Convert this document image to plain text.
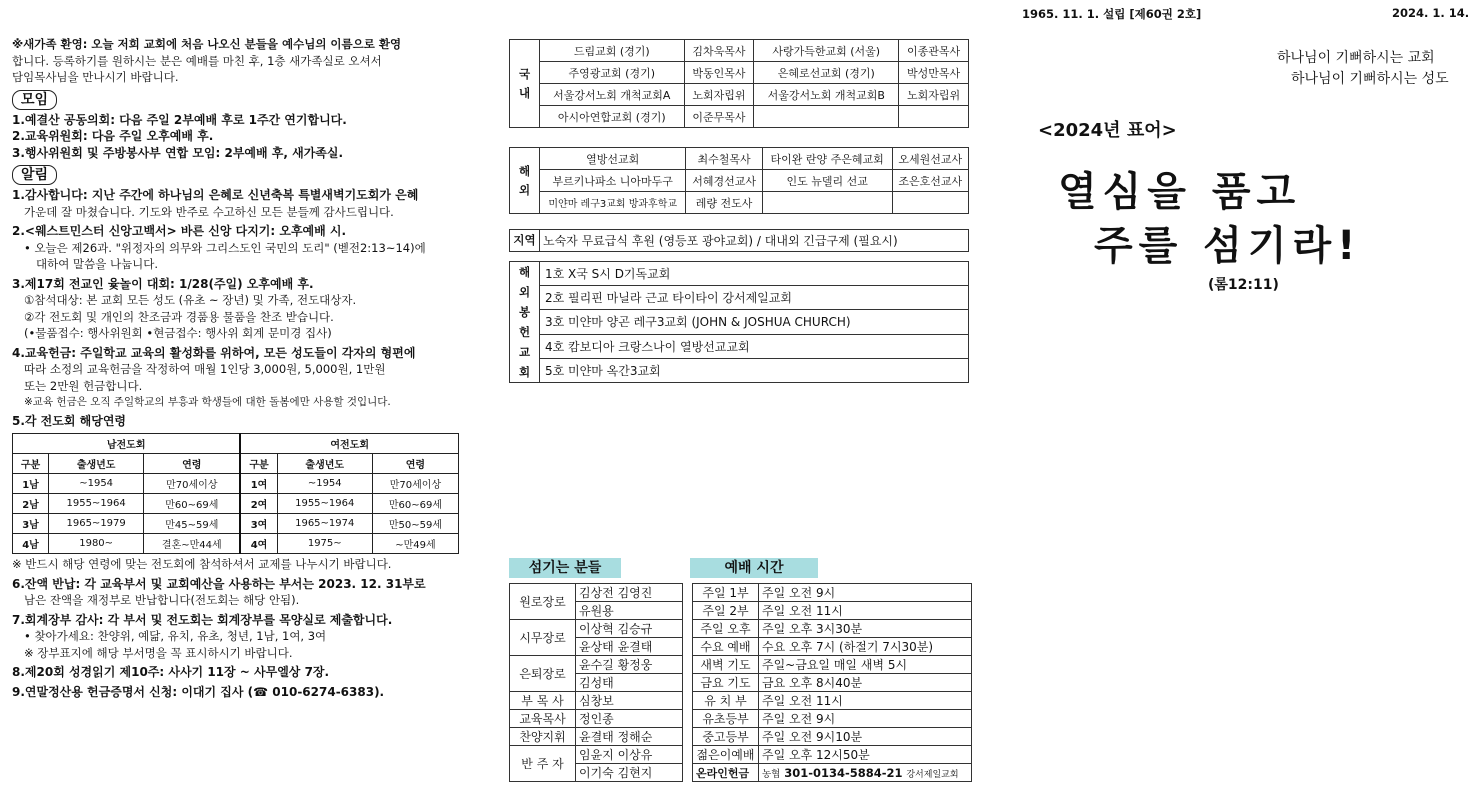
1965. 11. 1. 설립 [제60권 2호]	2024. 1. 14.

※새가족 환영: 오늘 저희 교회에 처음 나오신 분들을 예수님의 이름으로 환영

합니다. 등록하기를 원하시는 분은 예배를 마친 후, 1층 새가족실로 오셔서

담임목사님을 만나시기 바랍니다.

모임

1.예결산 공동의회: 다음 주일 2부예배 후로 1주간 연기합니다.

2.교육위원회: 다음 주일 오후예배 후.

3.행사위원회 및 주방봉사부 연합 모임: 2부예배 후, 새가족실.

알림

1.감사합니다: 지난 주간에 하나님의 은혜로 신년축복 특별새벽기도회가 은혜

가운데 잘 마쳤습니다. 기도와 반주로 수고하신 모든 분들께 감사드립니다.

2.<웨스트민스터 신앙고백서> 바른 신앙 다지기: 오후예배 시.

• 오늘은 제26과. "위정자의 의무와 그리스도인 국민의 도리" (벧전2:13~14)에

대하여 말씀을 나눕니다.

3.제17회 전교인 윷놀이 대회: 1/28(주일) 오후예배 후.

①참석대상: 본 교회 모든 성도 (유초 ~ 장년) 및 가족, 전도대상자.

②각 전도회 및 개인의 찬조금과 경품용 물품을 찬조 받습니다.

(•물품접수: 행사위원회 •현금접수: 행사위 회계 문미경 집사)

4.교육헌금: 주일학교 교육의 활성화를 위하여, 모든 성도들이 각자의 형편에

따라 소정의 교육헌금을 작정하여 매월 1인당 3,000원, 5,000원, 1만원

또는 2만원 헌금합니다.

※교육 헌금은 오직 주일학교의 부흥과 학생들에 대한 돌봄에만 사용할 것입니다.

5.각 전도회 해당연령

남전도회			여전도회		
구분	출생년도	연령	구분	출생년도	연령
1남	~1954	만70세이상	1여	~1954	만70세이상
2남	1955~1964	만60~69세	2여	1955~1964	만60~69세
3남	1965~1979	만45~59세	3여	1965~1974	만50~59세
4남	1980~	결혼~만44세	4여	1975~	~만49세

※ 반드시 해당 연령에 맞는 전도회에 참석하셔서 교제를 나누시기 바랍니다.

6.잔액 반납: 각 교육부서 및 교회예산을 사용하는 부서는 2023. 12. 31부로

남은 잔액을 재정부로 반납합니다(전도회는 해당 안됨).

7.회계장부 감사: 각 부서 및 전도회는 회계장부를 목양실로 제출합니다.

• 찾아가세요: 찬양위, 예닮, 유치, 유초, 청년, 1남, 1여, 3여

※ 장부표지에 해당 부서명을 꼭 표시하시기 바랍니다.

8.제20회 성경읽기 제10주: 사사기 11장 ~ 사무엘상 7장.

9.연말정산용 헌금증명서 신청: 이대기 집사 (☎ 010-6274-6383).

국내	드림교회 (경기)	김차욱목사	사랑가득한교회 (서울)	이종관목사
	주영광교회 (경기)	박동인목사	은혜로선교회 (경기)	박성만목사
	서울강서노회 개척교회A	노회자립위	서울강서노회 개척교회B	노회자립위
	아시아연합교회 (경기)	이준무목사		
해외	열방선교회	최수철목사	타이완 란양 주은혜교회	오세원선교사
	부르키나파소 니아마두구	서혜경선교사	인도 뉴델리 선교	조은호선교사
	미얀마 레구3교회 방과후학교	레량 전도사		
지역	노숙자 무료급식 후원 (영등포 광야교회) / 대내외 긴급구제 (필요시)
해외봉헌교회	1호 X국 S시 D기독교회
2호 필리핀 마닐라 근교 타이타이 강서제일교회
3호 미얀마 양곤 레구3교회 (JOHN & JOSHUA CHURCH)
4호 캄보디아 크랑스나이 열방선교교회
5호 미얀마 옥간3교회
섬기는 분들
원로장로	김상전 김영진
	유원용
시무장로	이상혁 김승규
	윤상태 윤결태
은퇴장로	윤수길 황정웅
	김성태
부 목 사	심창보
교육목사	정인종
찬양지휘	윤결태 정해순
반 주 자	임윤지 이상유
	이기숙 김현지
예배 시간
주일 1부	주일 오전 9시
주일 2부	주일 오전 11시
주일 오후	주일 오후 3시30분
수요 예배	수요 오후 7시 (하절기 7시30분)
새벽 기도	주일~금요일 매일 새벽 5시
금요 기도	금요 오후 8시40분
유 치 부	주일 오전 11시
유초등부	주일 오전 9시
중고등부	주일 오전 9시10분
젊은이예배	주일 오후 12시50분
온라인헌금	농협 301-0134-5884-21 강서제일교회
하나님이 기뻐하시는 교회
하나님이 기뻐하시는 성도
<2024년 표어>
열심을 품고
주를 섬기라!
(롬12:11)
